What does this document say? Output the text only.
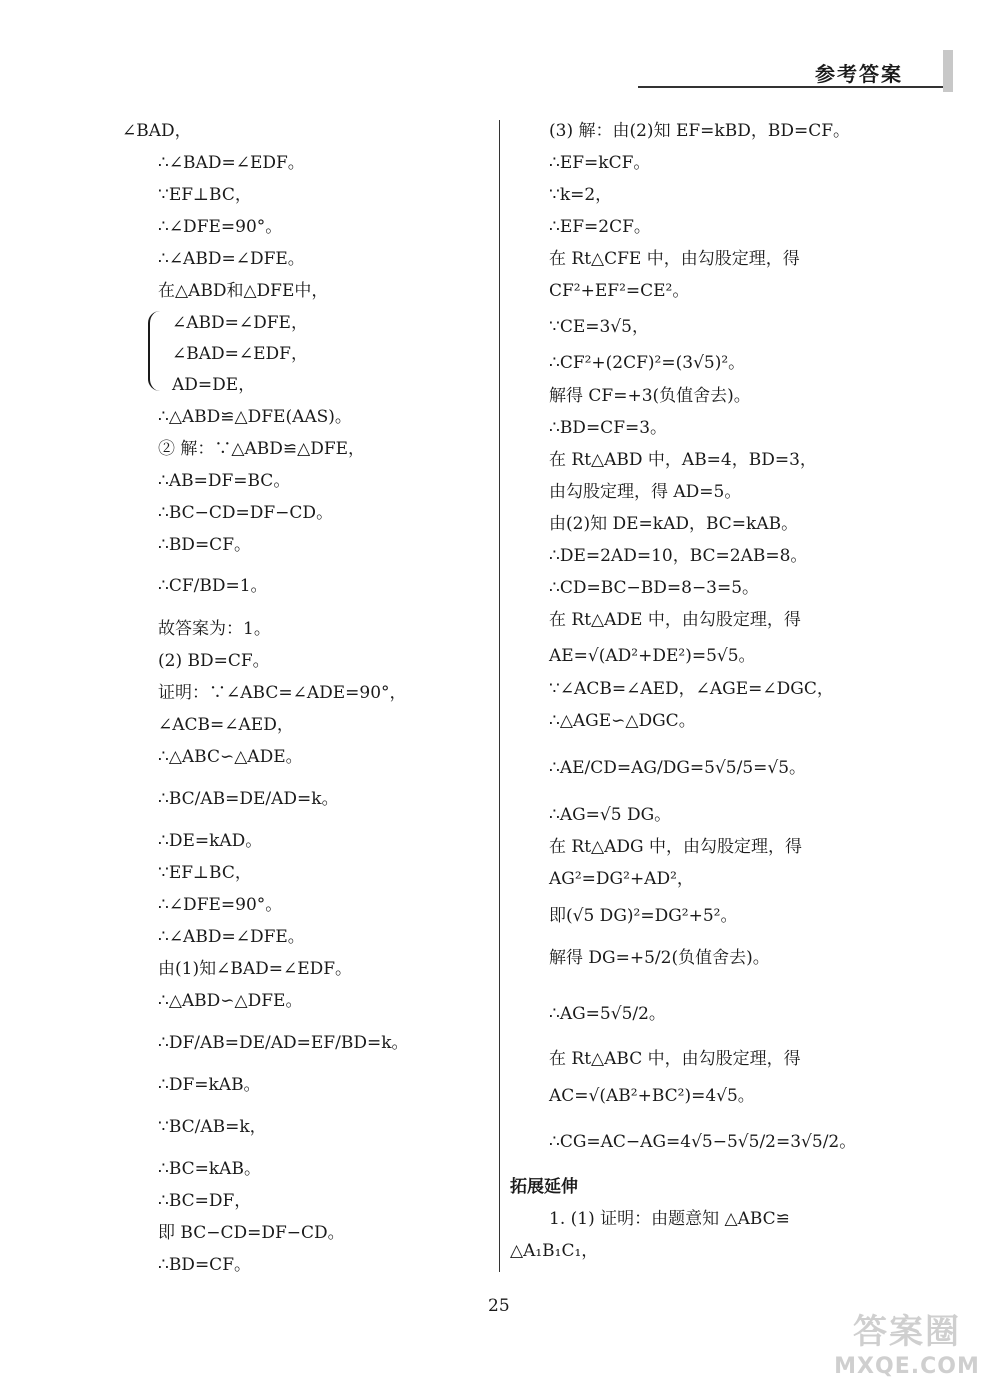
参考答案
∠BAD，
∴∠BAD=∠EDF。
∵EF⊥BC，
∴∠DFE=90°。
∴∠ABD=∠DFE。
在△ABD和△DFE中，
∠ABD=∠DFE，
∠BAD=∠EDF，
AD=DE，
∴△ABD≌△DFE(AAS)。
② 解：∵△ABD≌△DFE，
∴AB=DF=BC。
∴BC−CD=DF−CD。
∴BD=CF。
∴CF/BD=1。
故答案为：1。
(2) BD=CF。
证明：∵∠ABC=∠ADE=90°，
∠ACB=∠AED，
∴△ABC∽△ADE。
∴BC/AB=DE/AD=k。
∴DE=kAD。
∵EF⊥BC，
∴∠DFE=90°。
∴∠ABD=∠DFE。
由(1)知∠BAD=∠EDF。
∴△ABD∽△DFE。
∴DF/AB=DE/AD=EF/BD=k。
∴DF=kAB。
∵BC/AB=k，
∴BC=kAB。
∴BC=DF，
即 BC−CD=DF−CD。
∴BD=CF。
(3) 解：由(2)知 EF=kBD，BD=CF。
∴EF=kCF。
∵k=2，
∴EF=2CF。
在 Rt△CFE 中，由勾股定理，得
CF²+EF²=CE²。
∵CE=3√5，
∴CF²+(2CF)²=(3√5)²。
解得 CF=+3(负值舍去)。
∴BD=CF=3。
在 Rt△ABD 中，AB=4，BD=3，
由勾股定理，得 AD=5。
由(2)知 DE=kAD，BC=kAB。
∴DE=2AD=10，BC=2AB=8。
∴CD=BC−BD=8−3=5。
在 Rt△ADE 中，由勾股定理，得
AE=√(AD²+DE²)=5√5。
∵∠ACB=∠AED，∠AGE=∠DGC，
∴△AGE∽△DGC。
∴AE/CD=AG/DG=5√5/5=√5。
∴AG=√5 DG。
在 Rt△ADG 中，由勾股定理，得
AG²=DG²+AD²，
即(√5 DG)²=DG²+5²。
解得 DG=+5/2(负值舍去)。
∴AG=5√5/2。
在 Rt△ABC 中，由勾股定理，得
AC=√(AB²+BC²)=4√5。
∴CG=AC−AG=4√5−5√5/2=3√5/2。
拓展延伸
1. (1) 证明：由题意知 △ABC≌
△A₁B₁C₁，
25
答案圈
MXQE.COM
